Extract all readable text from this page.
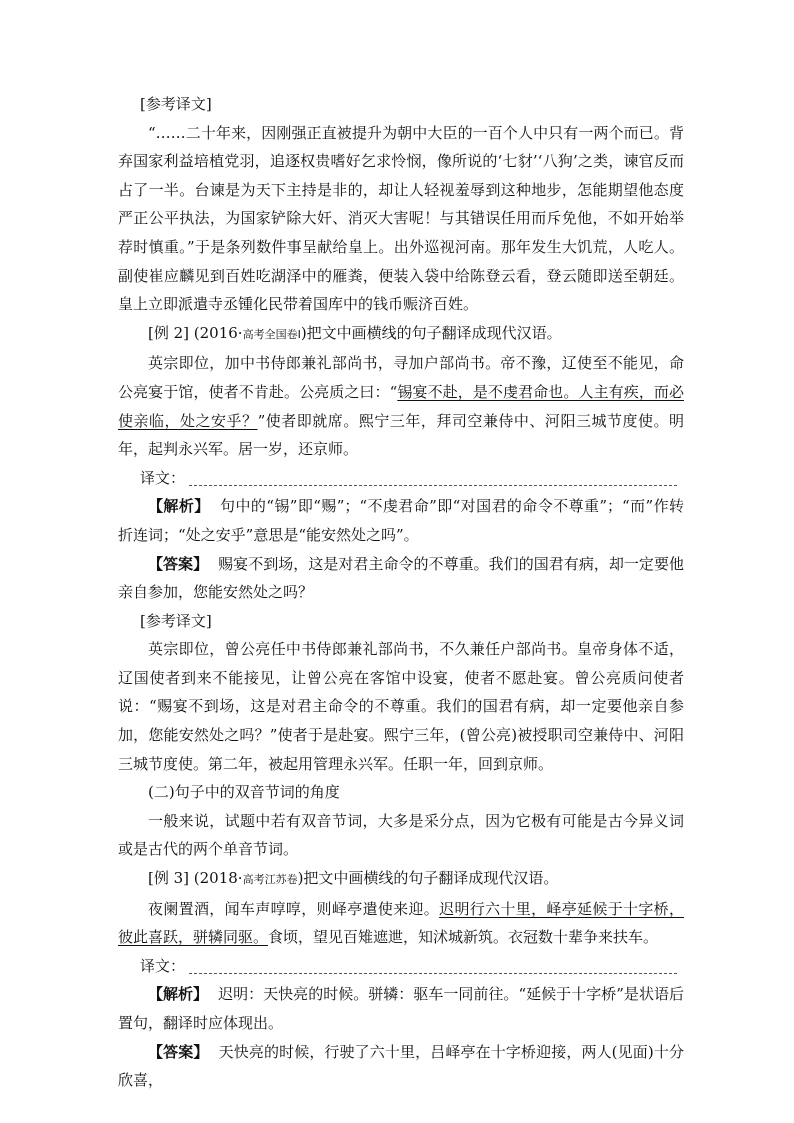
[参考译文]

“……二十年来，因刚强正直被提升为朝中大臣的一百个人中只有一两个而已。背弃国家利益培植党羽，追逐权贵嗜好乞求怜悯，像所说的‘七豺’‘八狗’之类，谏官反而占了一半。台谏是为天下主持是非的，却让人轻视羞辱到这种地步，怎能期望他态度严正公平执法，为国家铲除大奸、消灭大害呢！与其错误任用而斥免他，不如开始举荐时慎重。”于是条列数件事呈献给皇上。出外巡视河南。那年发生大饥荒，人吃人。副使崔应麟见到百姓吃湖泽中的雁粪，便装入袋中给陈登云看，登云随即送至朝廷。皇上立即派遣寺丞锺化民带着国库中的钱币赈济百姓。

[例 2] (2016·高考全国卷Ⅰ)把文中画横线的句子翻译成现代汉语。

英宗即位，加中书侍郎兼礼部尚书，寻加户部尚书。帝不豫，辽使至不能见，命公亮宴于馆，使者不肯赴。公亮质之曰：“锡宴不赴，是不虔君命也。人主有疾，而必使亲临，处之安乎？”使者即就席。熙宁三年，拜司空兼侍中、河阳三城节度使。明年，起判永兴军。居一岁，还京师。

译文：

【解析】 句中的“锡”即“赐”；“不虔君命”即“对国君的命令不尊重”；“而”作转折连词；“处之安乎”意思是“能安然处之吗”。

【答案】 赐宴不到场，这是对君主命令的不尊重。我们的国君有病，却一定要他亲自参加，您能安然处之吗？

[参考译文]

英宗即位，曾公亮任中书侍郎兼礼部尚书，不久兼任户部尚书。皇帝身体不适，辽国使者到来不能接见，让曾公亮在客馆中设宴，使者不愿赴宴。曾公亮质问使者说：“赐宴不到场，这是对君主命令的不尊重。我们的国君有病，却一定要他亲自参加，您能安然处之吗？”使者于是赴宴。熙宁三年，(曾公亮)被授职司空兼侍中、河阳三城节度使。第二年，被起用管理永兴军。任职一年，回到京师。

(二)句子中的双音节词的角度

一般来说，试题中若有双音节词，大多是采分点，因为它极有可能是古今异义词或是古代的两个单音节词。

[例 3] (2018·高考江苏卷)把文中画横线的句子翻译成现代汉语。

夜阑置酒，闻车声啍啍，则峄亭遣使来迎。迟明行六十里，峄亭延候于十字桥，彼此喜跃，骈辚同驱。食顷，望见百雉遮迣，知沭城新筑。衣冠数十辈争来扶车。

译文：

【解析】 迟明：天快亮的时候。骈辚：驱车一同前往。“延候于十字桥”是状语后置句，翻译时应体现出。

【答案】 天快亮的时候，行驶了六十里，吕峄亭在十字桥迎接，两人(见面)十分欣喜，
